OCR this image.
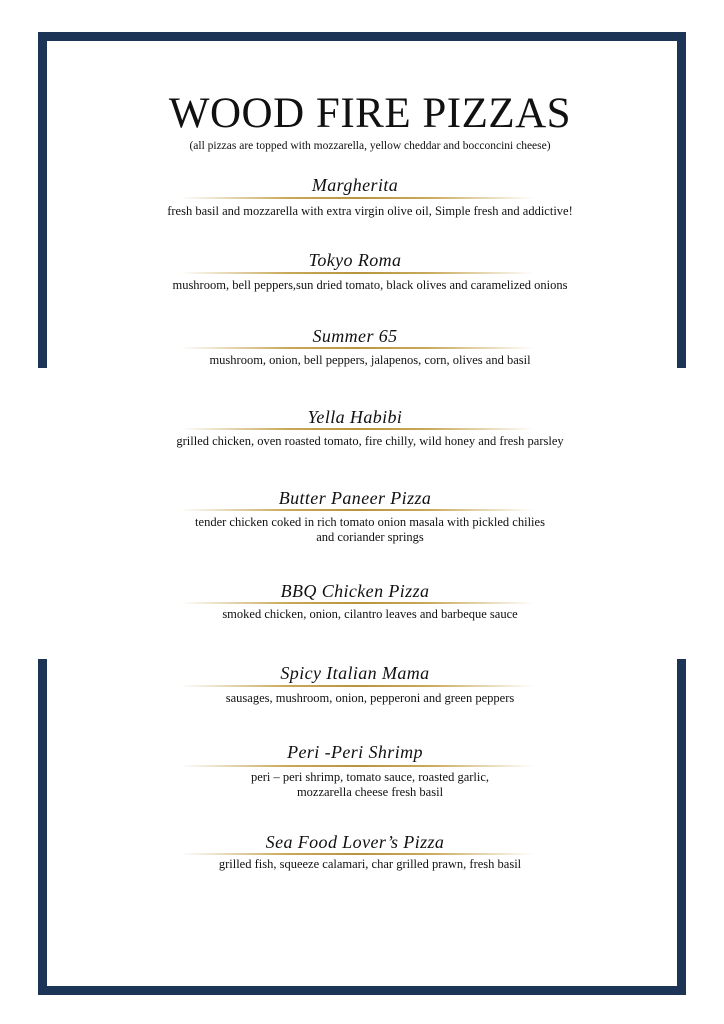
WOOD FIRE PIZZAS
(all pizzas are topped with mozzarella, yellow cheddar and bocconcini cheese)
Margherita
fresh basil and mozzarella with extra virgin olive oil, Simple fresh and addictive!
Tokyo Roma
mushroom, bell peppers,sun dried tomato, black olives and caramelized onions
Summer 65
mushroom, onion, bell peppers, jalapenos, corn, olives and basil
Yella Habibi
grilled chicken, oven roasted tomato, fire chilly, wild honey and fresh parsley
Butter Paneer Pizza
tender chicken coked in rich tomato onion masala with pickled chilies
and coriander springs
BBQ Chicken Pizza
smoked chicken, onion, cilantro leaves and barbeque sauce
Spicy Italian Mama
sausages, mushroom, onion, pepperoni and green peppers
Peri -Peri Shrimp
peri – peri shrimp, tomato sauce, roasted garlic,
mozzarella cheese fresh basil
Sea Food Lover’s Pizza
grilled fish, squeeze calamari, char grilled prawn, fresh basil
